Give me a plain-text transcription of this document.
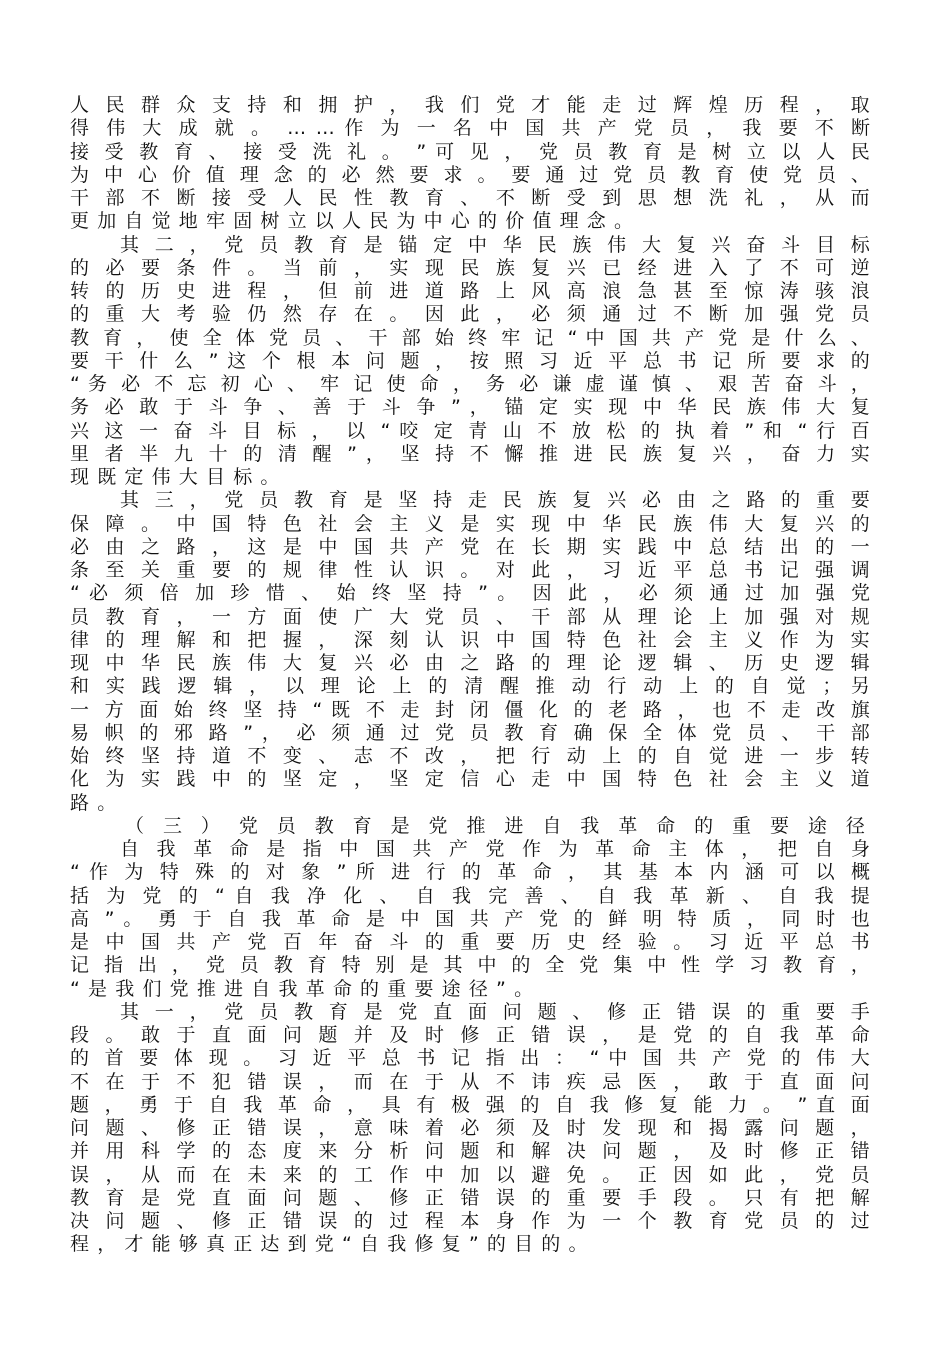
人 民 群 众 支 持 和 拥 护 ， 我 们 党 才 能 走 过 辉 煌 历 程 ， 取
得 伟 大 成 就 。 … … 作 为 一 名 中 国 共 产 党 员 ， 我 要 不 断
接 受 教 育 、 接 受 洗 礼 。 ” 可 见 ， 党 员 教 育 是 树 立 以 人 民
为 中 心 价 值 理 念 的 必 然 要 求 。 要 通 过 党 员 教 育 使 党 员 、
干 部 不 断 接 受 人 民 性 教 育 、 不 断 受 到 思 想 洗 礼 ， 从 而
更加自觉地牢固树立以人民为中心的价值理念。
其 二 ， 党 员 教 育 是 锚 定 中 华 民 族 伟 大 复 兴 奋 斗 目 标
的 必 要 条 件 。 当 前 ， 实 现 民 族 复 兴 已 经 进 入 了 不 可 逆
转 的 历 史 进 程 ， 但 前 进 道 路 上 风 高 浪 急 甚 至 惊 涛 骇 浪
的 重 大 考 验 仍 然 存 在 。 因 此 ， 必 须 通 过 不 断 加 强 党 员
教 育 ， 使 全 体 党 员 、 干 部 始 终 牢 记 “ 中 国 共 产 党 是 什 么 、
要 干 什 么 ” 这 个 根 本 问 题 ， 按 照 习 近 平 总 书 记 所 要 求 的
“ 务 必 不 忘 初 心 、 牢 记 使 命 ， 务 必 谦 虚 谨 慎 、 艰 苦 奋 斗 ，
务 必 敢 于 斗 争 、 善 于 斗 争 ” ， 锚 定 实 现 中 华 民 族 伟 大 复
兴 这 一 奋 斗 目 标 ， 以 “ 咬 定 青 山 不 放 松 的 执 着 ” 和 “ 行 百
里 者 半 九 十 的 清 醒 ” ， 坚 持 不 懈 推 进 民 族 复 兴 ， 奋 力 实
现既定伟大目标。
其 三 ， 党 员 教 育 是 坚 持 走 民 族 复 兴 必 由 之 路 的 重 要
保 障 。 中 国 特 色 社 会 主 义 是 实 现 中 华 民 族 伟 大 复 兴 的
必 由 之 路 ， 这 是 中 国 共 产 党 在 长 期 实 践 中 总 结 出 的 一
条 至 关 重 要 的 规 律 性 认 识 。 对 此 ， 习 近 平 总 书 记 强 调
“ 必 须 倍 加 珍 惜 、 始 终 坚 持 ” 。 因 此 ， 必 须 通 过 加 强 党
员 教 育 ， 一 方 面 使 广 大 党 员 、 干 部 从 理 论 上 加 强 对 规
律 的 理 解 和 把 握 ， 深 刻 认 识 中 国 特 色 社 会 主 义 作 为 实
现 中 华 民 族 伟 大 复 兴 必 由 之 路 的 理 论 逻 辑 、 历 史 逻 辑
和 实 践 逻 辑 ， 以 理 论 上 的 清 醒 推 动 行 动 上 的 自 觉 ； 另
一 方 面 始 终 坚 持 “ 既 不 走 封 闭 僵 化 的 老 路 ， 也 不 走 改 旗
易 帜 的 邪 路 ” ， 必 须 通 过 党 员 教 育 确 保 全 体 党 员 、 干 部
始 终 坚 持 道 不 变 、 志 不 改 ， 把 行 动 上 的 自 觉 进 一 步 转
化 为 实 践 中 的 坚 定 ， 坚 定 信 心 走 中 国 特 色 社 会 主 义 道
路。
（ 三 ） 党 员 教 育 是 党 推 进 自 我 革 命 的 重 要 途 径
自 我 革 命 是 指 中 国 共 产 党 作 为 革 命 主 体 ， 把 自 身
“ 作 为 特 殊 的 对 象 ” 所 进 行 的 革 命 ， 其 基 本 内 涵 可 以 概
括 为 党 的 “ 自 我 净 化 、 自 我 完 善 、 自 我 革 新 、 自 我 提
高 ” 。 勇 于 自 我 革 命 是 中 国 共 产 党 的 鲜 明 特 质 ， 同 时 也
是 中 国 共 产 党 百 年 奋 斗 的 重 要 历 史 经 验 。 习 近 平 总 书
记 指 出 ， 党 员 教 育 特 别 是 其 中 的 全 党 集 中 性 学 习 教 育 ，
“是我们党推进自我革命的重要途径”。
其 一 ， 党 员 教 育 是 党 直 面 问 题 、 修 正 错 误 的 重 要 手
段 。 敢 于 直 面 问 题 并 及 时 修 正 错 误 ， 是 党 的 自 我 革 命
的 首 要 体 现 。 习 近 平 总 书 记 指 出 ： “ 中 国 共 产 党 的 伟 大
不 在 于 不 犯 错 误 ， 而 在 于 从 不 讳 疾 忌 医 ， 敢 于 直 面 问
题 ， 勇 于 自 我 革 命 ， 具 有 极 强 的 自 我 修 复 能 力 。 ” 直 面
问 题 、 修 正 错 误 ， 意 味 着 必 须 及 时 发 现 和 揭 露 问 题 ，
并 用 科 学 的 态 度 来 分 析 问 题 和 解 决 问 题 ， 及 时 修 正 错
误 ， 从 而 在 未 来 的 工 作 中 加 以 避 免 。 正 因 如 此 ， 党 员
教 育 是 党 直 面 问 题 、 修 正 错 误 的 重 要 手 段 。 只 有 把 解
决 问 题 、 修 正 错 误 的 过 程 本 身 作 为 一 个 教 育 党 员 的 过
程，才能够真正达到党“自我修复”的目的。
